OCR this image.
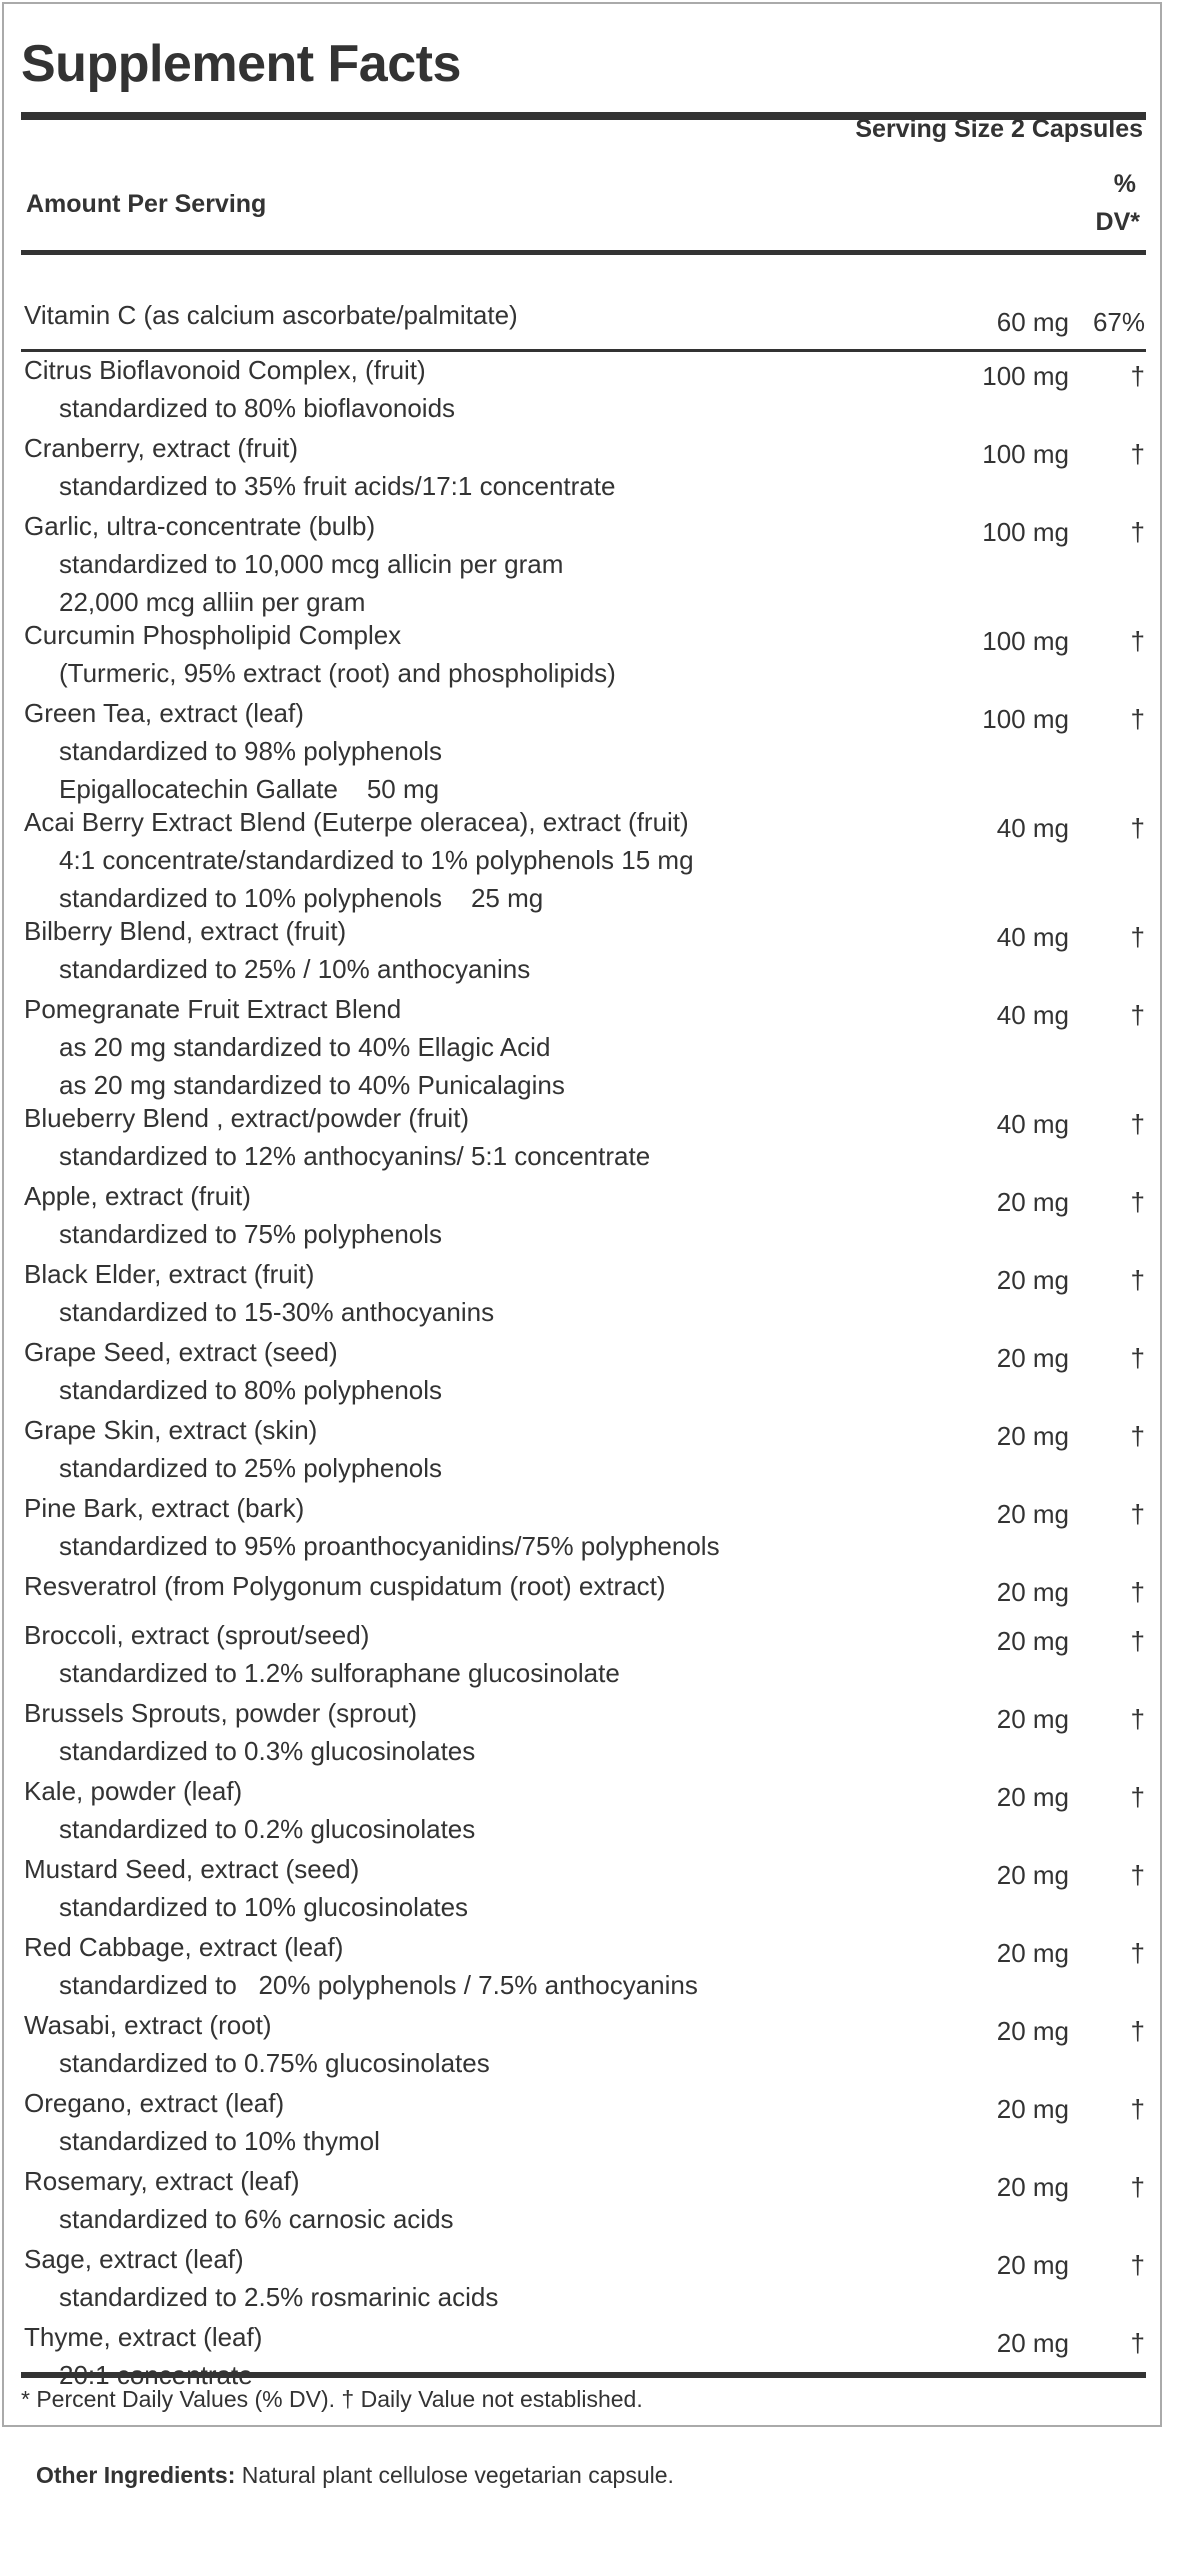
Supplement Facts
Serving Size 2 Capsules
Amount Per Serving
%
DV*
Vitamin C (as calcium ascorbate/palmitate)	60 mg 67%
Citrus Bioflavonoid Complex, (fruit)	100 mg †
standardized to 80% bioflavonoids
Cranberry, extract (fruit)	100 mg †
standardized to 35% fruit acids/17:1 concentrate
Garlic, ultra-concentrate (bulb)	100 mg †
standardized to 10,000 mcg allicin per gram
22,000 mcg alliin per gram
Curcumin Phospholipid Complex	100 mg †
(Turmeric, 95% extract (root) and phospholipids)
Green Tea, extract (leaf)	100 mg †
standardized to 98% polyphenols
Epigallocatechin Gallate    50 mg
Acai Berry Extract Blend (Euterpe oleracea), extract (fruit)	40 mg †
4:1 concentrate/standardized to 1% polyphenols 15 mg
standardized to 10% polyphenols    25 mg
Bilberry Blend, extract (fruit)	40 mg †
standardized to 25% / 10% anthocyanins
Pomegranate Fruit Extract Blend	40 mg †
as 20 mg standardized to 40% Ellagic Acid
as 20 mg standardized to 40% Punicalagins
Blueberry Blend , extract/powder (fruit)	40 mg †
standardized to 12% anthocyanins/ 5:1 concentrate
Apple, extract (fruit)	20 mg †
standardized to 75% polyphenols
Black Elder, extract (fruit)	20 mg †
standardized to 15-30% anthocyanins
Grape Seed, extract (seed)	20 mg †
standardized to 80% polyphenols
Grape Skin, extract (skin)	20 mg †
standardized to 25% polyphenols
Pine Bark, extract (bark)	20 mg †
standardized to 95% proanthocyanidins/75% polyphenols
Resveratrol (from Polygonum cuspidatum (root) extract)	20 mg †
Broccoli, extract (sprout/seed)	20 mg †
standardized to 1.2% sulforaphane glucosinolate
Brussels Sprouts, powder (sprout)	20 mg †
standardized to 0.3% glucosinolates
Kale, powder (leaf)	20 mg †
standardized to 0.2% glucosinolates
Mustard Seed, extract (seed)	20 mg †
standardized to 10% glucosinolates
Red Cabbage, extract (leaf)	20 mg †
standardized to   20% polyphenols / 7.5% anthocyanins
Wasabi, extract (root)	20 mg †
standardized to 0.75% glucosinolates
Oregano, extract (leaf)	20 mg †
standardized to 10% thymol
Rosemary, extract (leaf)	20 mg †
standardized to 6% carnosic acids
Sage, extract (leaf)	20 mg †
standardized to 2.5% rosmarinic acids
Thyme, extract (leaf)	20 mg †
* Percent Daily Values (% DV). † Daily Value not established.
Other Ingredients: Natural plant cellulose vegetarian capsule.
